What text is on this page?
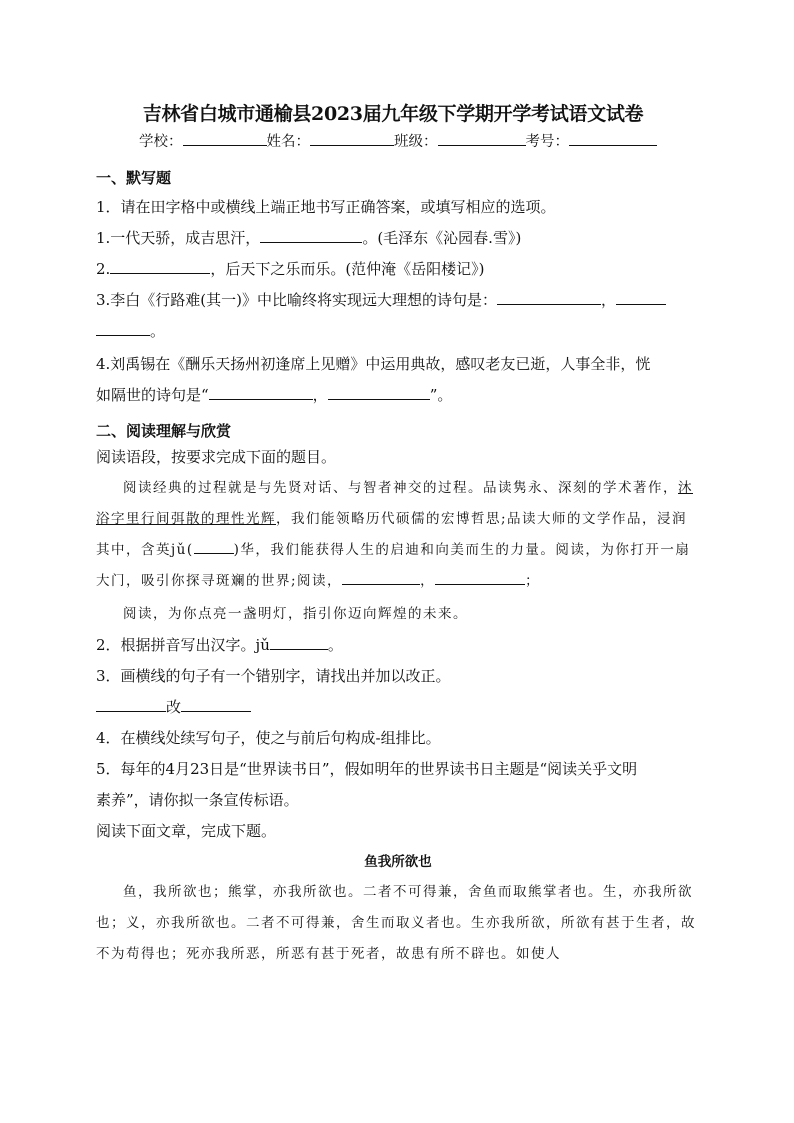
吉林省白城市通榆县2023届九年级下学期开学考试语文试卷
学校：	姓名：	班级：	考号：
一、默写题

1．请在田字格中或横线上端正地书写正确答案，或填写相应的选项。

1.一代天骄，成吉思汗，	。(毛泽东《沁园春.雪》)

2.	，后天下之乐而乐。(范仲淹《岳阳楼记》)

3.李白《行路难(其一)》中比喻终将实现远大理想的诗句是：	，
。

4.刘禹锡在《酬乐天扬州初逢席上见赠》中运用典故，感叹老友已逝，人事全非，恍
如隔世的诗句是“	，	”。

二、阅读理解与欣赏

阅读语段，按要求完成下面的题目。

阅读经典的过程就是与先贤对话、与智者神交的过程。品读隽永、深刻的学术著作，沐浴字里行间弭散的理性光辉，我们能领略历代硕儒的宏博哲思;品读大师的文学作品，浸润其中，含英jǔ(	)华，我们能获得人生的启迪和向美而生的力量。阅读，为你打开一扇大门，吸引你探寻斑斓的世界;阅读，	，	；

阅读，为你点亮一盏明灯，指引你迈向辉煌的未来。

2．根据拼音写出汉字。jǔ	。

3．画横线的句子有一个错别字，请找出并加以改正。

改

4．在横线处续写句子，使之与前后句构成-组排比。

5．每年的4月23日是“世界读书日”，假如明年的世界读书日主题是“阅读关乎文明
素养”，请你拟一条宣传标语。

阅读下面文章，完成下题。

鱼我所欲也

鱼，我所欲也；熊掌，亦我所欲也。二者不可得兼，舍鱼而取熊掌者也。生，亦我所欲也；义，亦我所欲也。二者不可得兼，舍生而取义者也。生亦我所欲，所欲有甚于生者，故不为苟得也；死亦我所恶，所恶有甚于死者，故患有所不辟也。如使人
